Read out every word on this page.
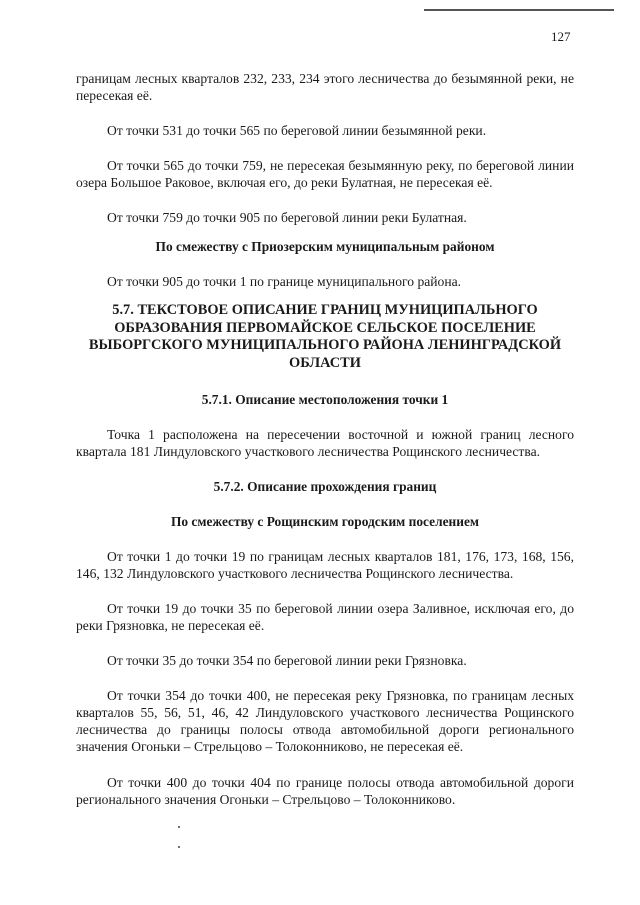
127

границам лесных кварталов 232, 233, 234 этого лесничества до безымянной реки, не пересекая её.

От точки 531 до точки 565 по береговой линии безымянной реки.

От точки 565 до точки 759, не пересекая безымянную реку, по береговой линии озера Большое Раковое, включая его, до реки Булатная, не пересекая её.

От точки 759 до точки 905 по береговой линии реки Булатная.

По смежеству с Приозерским муниципальным районом

От точки 905 до точки 1 по границе муниципального района.

5.7. ТЕКСТОВОЕ ОПИСАНИЕ ГРАНИЦ МУНИЦИПАЛЬНОГО ОБРАЗОВАНИЯ ПЕРВОМАЙСКОЕ СЕЛЬСКОЕ ПОСЕЛЕНИЕ ВЫБОРГСКОГО МУНИЦИПАЛЬНОГО РАЙОНА ЛЕНИНГРАДСКОЙ ОБЛАСТИ

5.7.1. Описание местоположения точки 1

Точка 1 расположена на пересечении восточной и южной границ лесного квартала 181 Линдуловского участкового лесничества Рощинского лесничества.

5.7.2. Описание прохождения границ

По смежеству с Рощинским городским поселением

От точки 1 до точки 19 по границам лесных кварталов 181, 176, 173, 168, 156, 146, 132 Линдуловского участкового лесничества Рощинского лесничества.

От точки 19 до точки 35 по береговой линии озера Заливное, исключая его, до реки Грязновка, не пересекая её.

От точки 35 до точки 354 по береговой линии реки Грязновка.

От точки 354 до точки 400, не пересекая реку Грязновка, по границам лесных кварталов 55, 56, 51, 46, 42 Линдуловского участкового лесничества Рощинского лесничества до границы полосы отвода автомобильной дороги регионального значения Огоньки – Стрельцово – Толоконниково, не пересекая её.

От точки 400 до точки 404 по границе полосы отвода автомобильной дороги регионального значения Огоньки – Стрельцово – Толоконниково.
